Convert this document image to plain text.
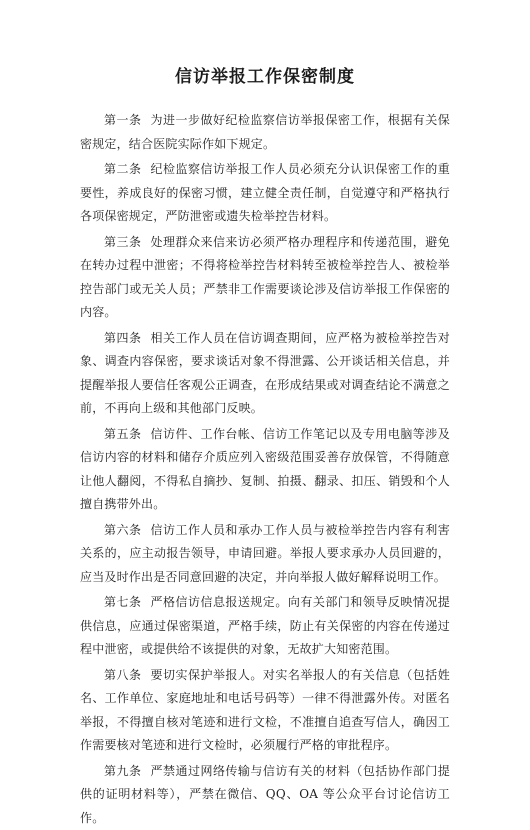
信访举报工作保密制度

第一条 为进一步做好纪检监察信访举报保密工作，根据有关保密规定，结合医院实际作如下规定。

第二条 纪检监察信访举报工作人员必须充分认识保密工作的重要性，养成良好的保密习惯，建立健全责任制，自觉遵守和严格执行各项保密规定，严防泄密或遗失检举控告材料。

第三条 处理群众来信来访必须严格办理程序和传递范围，避免在转办过程中泄密；不得将检举控告材料转至被检举控告人、被检举控告部门或无关人员；严禁非工作需要谈论涉及信访举报工作保密的内容。

第四条 相关工作人员在信访调查期间，应严格为被检举控告对象、调查内容保密，要求谈话对象不得泄露、公开谈话相关信息，并提醒举报人要信任客观公正调查，在形成结果或对调查结论不满意之前，不再向上级和其他部门反映。

第五条 信访件、工作台帐、信访工作笔记以及专用电脑等涉及信访内容的材料和储存介质应列入密级范围妥善存放保管，不得随意让他人翻阅，不得私自摘抄、复制、拍摄、翻录、扣压、销毁和个人擅自携带外出。

第六条 信访工作人员和承办工作人员与被检举控告内容有利害关系的，应主动报告领导，申请回避。举报人要求承办人员回避的，应当及时作出是否同意回避的决定，并向举报人做好解释说明工作。

第七条 严格信访信息报送规定。向有关部门和领导反映情况提供信息，应通过保密渠道，严格手续，防止有关保密的内容在传递过程中泄密，或提供给不该提供的对象，无故扩大知密范围。

第八条 要切实保护举报人。对实名举报人的有关信息（包括姓名、工作单位、家庭地址和电话号码等）一律不得泄露外传。对匿名举报，不得擅自核对笔迹和进行文检，不准擅自追查写信人，确因工作需要核对笔迹和进行文检时，必须履行严格的审批程序。

第九条 严禁通过网络传输与信访有关的材料（包括协作部门提供的证明材料等），严禁在微信、QQ、OA 等公众平台讨论信访工作。
